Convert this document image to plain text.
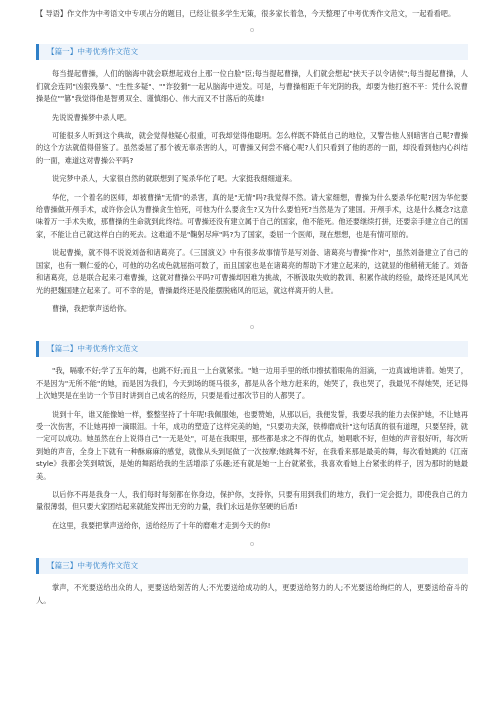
【 导语】作文作为中考语文中专项占分的题目，已经让很多学生无策，很多家长着急，今天整理了中考优秀作文范文，一起看看吧。

ο
【篇一】中考优秀作文范文

每当提起曹操，人们的脑海中就会联想起戏台上那一位白脸"臣;每当提起曹操，人们就会想起"挟天子以令诸侯";每当提起曹操，人们就会连同"凶狠残暴"、"生性多疑"、""诈狡猾"一起从脑海中迸发。可是，与曹操相距千年光阴的我，却要为他打抱不平：凭什么说曹操是位""篡"我觉得他是智勇双全、谨慎细心、伟大而又不甘落后的英雄!

先说说曹操梦中杀人吧。

可能很多人听到这个典故，就会觉得他疑心很重，可我却觉得他聪明。怎么样既不降低自己的地位，又警告他人别暗害自己呢?曹操的这个方法就值得借鉴了。虽然委屈了那个被无辜杀害的人，可曹操又何尝不痛心呢?人们只看到了他的恶的一面，却没看到他内心纠结的一面，难道这对曹操公平吗?

说完梦中杀人，大家很自然的就联想到了冤杀华佗了吧。大家挺我细细道来。

华佗，一个着名的医师，却被曹操"无情"的杀害，真的是"无情"吗?我觉得不然。请大家细想，曹操为什么要杀华佗呢?因为华佗要给曹操做开颅手术，或许你会认为曹操贪生怕死，可他为什么要贪生?又为什么要怕死?当然是为了建国。开颅手术，这是什么概念?这意味着万一手术失败，那曹操的生命就到此终结。可曹操还没有建立属于自己的国家，他不能死。他还要继续打拼，还要亲手建立自己的国家，不能让自己就这样白白的死去。这难道不是"鞠躬尽瘁"吗?为了国家，委屈一个医师，现在想想，也是有情可原的。

说起曹操，就不得不说说刘备和诸葛亮了。《三国演义》中有很多故事情节是写刘备、诸葛亮与曹操"作对"，虽然刘备建立了自己的国家，也有一颗仁爱的心，可他的功名成色就屈指可数了，而且国家也是在诸葛亮的帮助下才建立起来的，这就显的他稍稍无能了。刘备和诸葛亮，总是联合起来刁难曹操，这就对曹操公平吗?可曹操却因难为挑战，不断汲取失败的教训、积累作战的经验，最终还是风风光光的把魏国建立起来了。可不幸的是，曹操最终还是没能摆脱痛风的厄运，就这样离开的人世。

曹操，我把掌声送给你。

ο
【篇二】中考优秀作文范文

"我，嗝歌不好;学了五年的舞，也跳不好;而且一上台就紧张。"她一边用手里的纸巾擦拭着眼角的泪滴，一边真诚地讲着。她哭了，不是因为"无所不能"的她，而是因为我们，今天到场的斑马很多，都是从各个地方赶来的，她哭了，我也哭了，我最见不得她哭，还记得上次她哭是在坐访一个节目时讲到自己成名的经历，只要是看过那次节目的人都哭了。

说到十年，谁又能像她一样，整整坚持了十年呢!我佩服她，也要赞她，从那以后，我便发誓，我要尽我的能力去保护她，不让她再受一次伤害，不让她再掉一滴眼泪。十年，成功的塑造了这样完美的她，"只要功夫深，铁棒磨成针"这句话真的很有道理，只要坚持，就一定可以成功。她虽然在台上说得自己"一无是处"，可是在我眼里，那些都是求之不得的优点，她唱歌不好，但她的声音很好听，每次听到她的声音，全身上下就有一种酥麻麻的感觉，就像从头到尾做了一次按摩;她跳舞不好，在我看来那是最美的舞，每次看她跳的《江南style》我都会笑到喷饭，是她的舞蹈给我的生活增添了乐趣;还有就是她一上台就紧张，我喜欢看她上台紧张的样子，因为那时的她最美。

以后你不再是我身一人，我们每时每刻都在你身边，保护你，支持你，只要有用到我们的地方，我们一定会挺力，即使我自己的力量很薄弱，但只要大家团结起来就能发挥出无穷的力量，我们永远是你坚硬的后盾!

在这里，我要把掌声送给你，送给经历了十年的磨难才走到今天的你!

ο
【篇三】中考优秀作文范文

掌声，不光要送给出众的人，更要送给刻苦的人;不光要送给成功的人，更要送给努力的人;不光要送给绚烂的人，更要送给奋斗的人。
